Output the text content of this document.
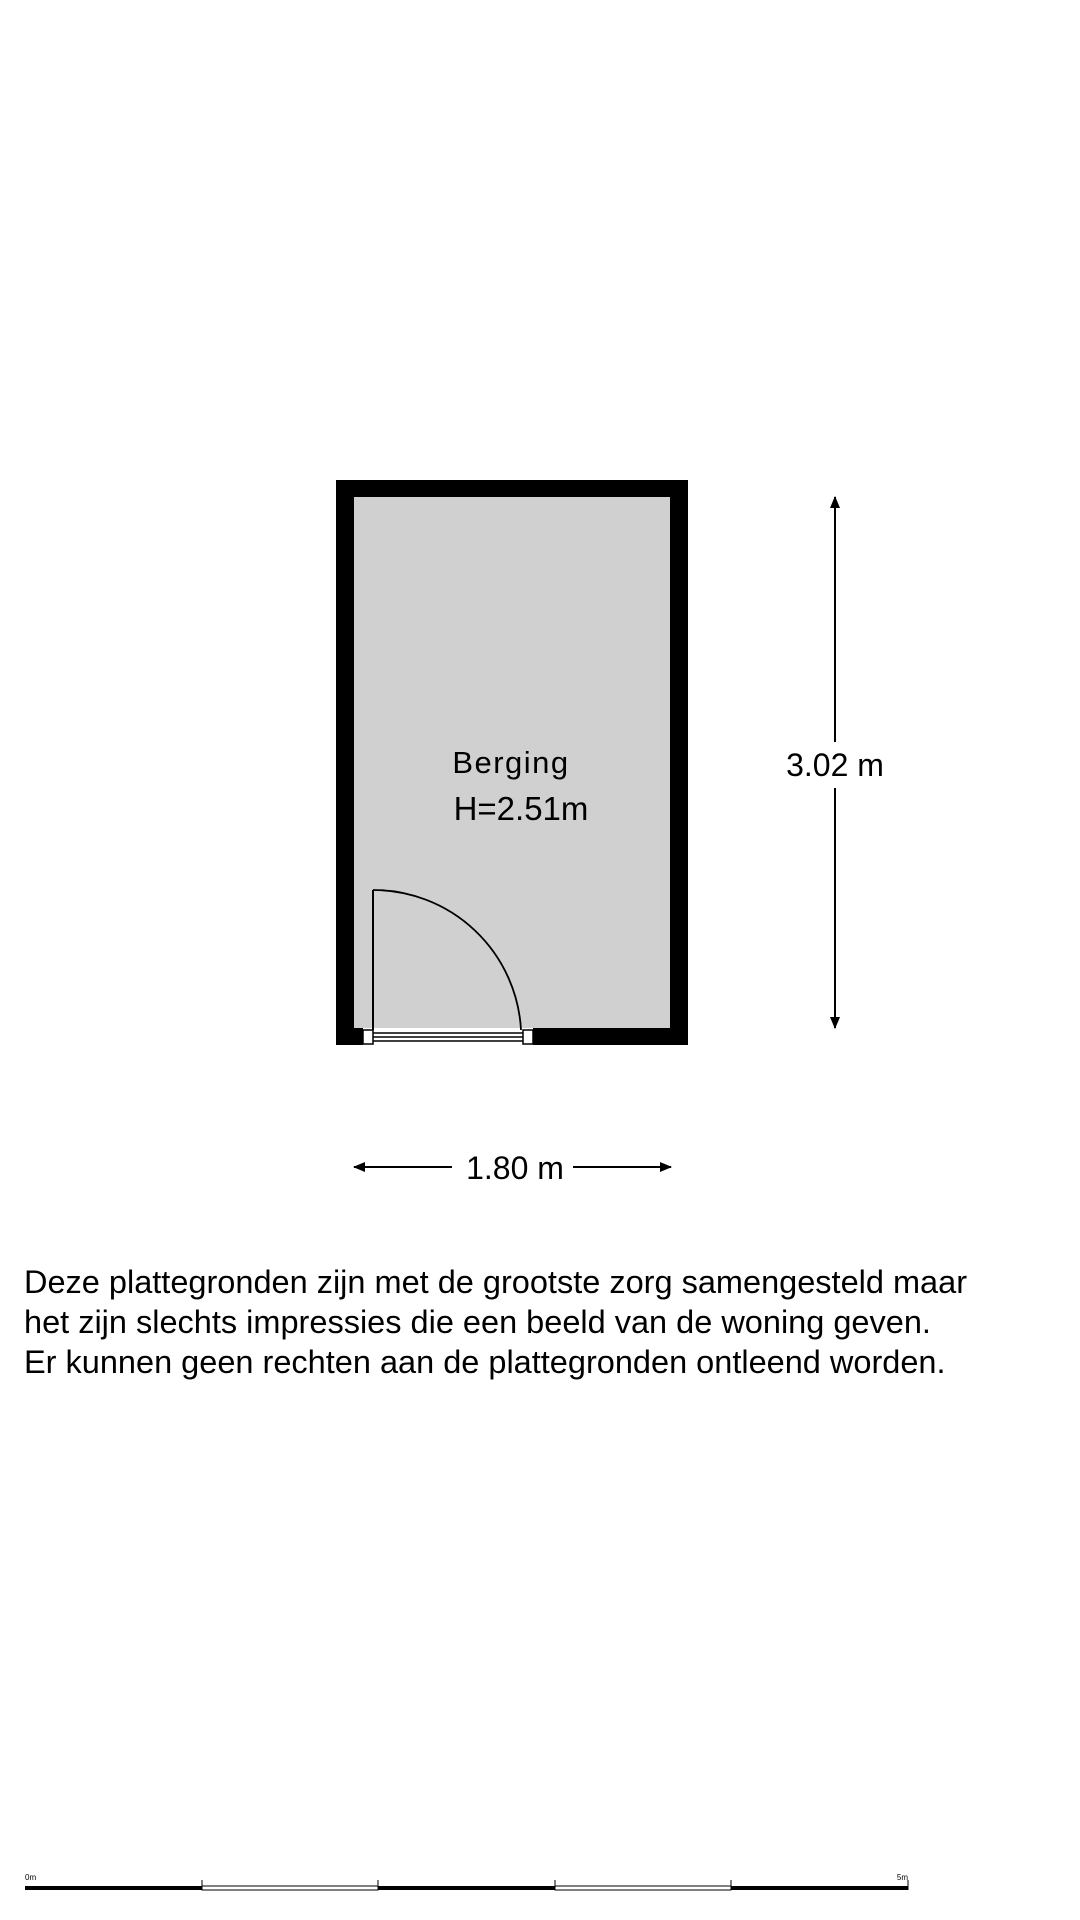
Berging
H=2.51m
3.02 m
1.80 m
0m	5m

Deze plattegronden zijn met de grootste zorg samengesteld maar
het zijn slechts impressies die een beeld van de woning geven.
Er kunnen geen rechten aan de plattegronden ontleend worden.
